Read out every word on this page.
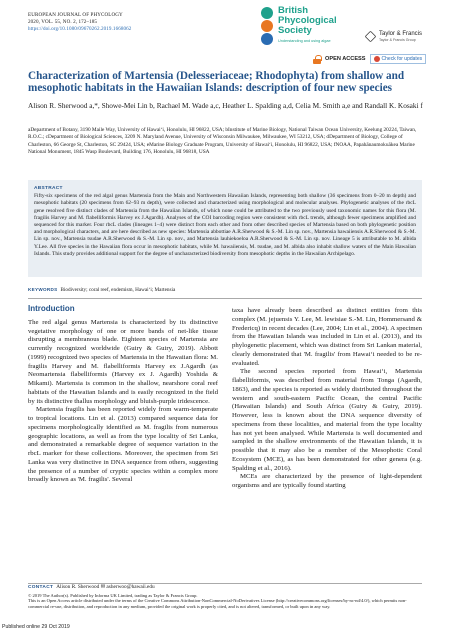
EUROPEAN JOURNAL OF PHYCOLOGY
2020, VOL. 55, NO. 2, 172–185
https://doi.org/10.1080/09670262.2019.1668062
British
Phycological
Society
Understanding and using algae
Taylor & Francis
Taylor & Francis Group
OPEN ACCESS	Check for updates
Characterization of Martensia (Delesseriaceae; Rhodophyta) from shallow and mesophotic habitats in the Hawaiian Islands: description of four new species
Alison R. Sherwood a,*, Showe-Mei Lin b, Rachael M. Wade a,c, Heather L. Spalding a,d, Celia M. Smith a,e and Randall K. Kosaki f
aDepartment of Botany, 3190 Maile Way, University of Hawaiʻi, Honolulu, HI 96822, USA; bInstitute of Marine Biology, National Taiwan Ocean University, Keelung 20224, Taiwan, R.O.C.; cDepartment of Biological Sciences, 3209 N. Maryland Avenue, University of Wisconsin Milwaukee, Milwaukee, WI 53212, USA; dDepartment of Biology, College of Charleston, 66 George St, Charleston, SC 29424, USA; eMarine Biology Graduate Program, University of Hawaiʻi, Honolulu, HI 96822, USA; fNOAA, Papahānaumokuākea Marine National Monument, 1845 Wasp Boulevard, Building 176, Honolulu, HI 96818, USA
ABSTRACT
Fifty-six specimens of the red algal genus Martensia from the Main and Northwestern Hawaiian Islands, representing both shallow (36 specimens from 0–20 m depth) and mesophotic habitats (20 specimens from 62–93 m depth), were collected and characterized using morphological and molecular analyses. Phylogenetic analyses of the rbcL gene resolved five distinct clades of Martensia from the Hawaiian Islands, of which none could be attributed to the two previously used taxonomic names for this flora (M. fragilis Harvey and M. flabelliformis Harvey ex J.Agardh). Analyses of the COI barcoding region were consistent with rbcL trends, although fewer specimens amplified and sequenced for this marker. Four rbcL clades (lineages 1–4) were distinct from each other and from other described species of Martensia based on both phylogenetic position and morphological characters, and are here described as new species: Martensia abbottiae A.R.Sherwood & S.-M. Lin sp. nov., Martensia hawaiiensis A.R.Sherwood & S.-M. Lin sp. nov., Martensia tsudae A.R.Sherwood & S.-M. Lin sp. nov., and Martensia lauhiekoeloa A.R.Sherwood & S.-M. Lin sp. nov. Lineage 5 is attributable to M. albida Y.Lee. All five species in the Hawaiian flora occur in mesophotic habitats, while M. hawaiiensis, M. tsudae, and M. albida also inhabit shallow waters of the Main Hawaiian Islands. This study provides additional support for the degree of uncharacterized biodiversity from mesophotic depths in the Hawaiian Archipelago.
KEYWORDS Biodiversity; coral reef, endemism, Hawaiʻi; Martensia
Introduction

The red algal genus Martensia is characterized by its distinctive vegetative morphology of one or more bands of net-like tissue disrupting a membranous blade. Eighteen species of Martensia are currently recognized worldwide (Guiry & Guiry, 2019). Abbott (1999) recognized two species of Martensia in the Hawaiian flora: M. fragilis Harvey and M. flabelliformis Harvey ex J.Agardh (as Neomartensia flabelliformis (Harvey ex J. Agardh) Yoshida & Mikami). Martensia is common in the shallow, nearshore coral reef habitats of the Hawaiian Islands and is easily recognized in the field by its distinctive thallus morphology and bluish-purple iridescence.

Martensia fragilis has been reported widely from warm-temperate to tropical locations. Lin et al. (2013) compared sequence data for specimens morphologically identified as M. fragilis from numerous geographic locations, as well as from the type locality of Sri Lanka, and demonstrated a remarkable degree of sequence variation in the rbcL marker for these collections. Moreover, the specimen from Sri Lanka was very distinctive in DNA sequence from others, suggesting the presence of a number of cryptic species within a complex more broadly known as 'M. fragilis'. Several

taxa have already been described as distinct entities from this complex (M. jejuensis Y. Lee, M. lewisiae S.-M. Lin, Hommersand & Fredericq) in recent decades (Lee, 2004; Lin et al., 2004). A specimen from the Hawaiian Islands was included in Lin et al. (2013), and its phylogenetic placement, which was distinct from Sri Lankan material, clearly demonstrated that 'M. fragilis' from Hawaiʻi needed to be re-evaluated.

The second species reported from Hawaiʻi, Martensia flabelliformis, was described from material from Tonga (Agardh, 1863), and the species is reported as widely distributed throughout the western and south-eastern Pacific Ocean, the central Pacific (Hawaiian Islands) and South Africa (Guiry & Guiry, 2019). However, less is known about the DNA sequence diversity of specimens from these localities, and material from the type locality has not yet been analysed. While Martensia is well documented and sampled in the shallow environments of the Hawaiian Islands, it is possible that it may also be a member of the Mesophotic Coral Ecosystem (MCE), as has been demonstrated for other genera (e.g. Spalding et al., 2016).

MCEs are characterized by the presence of light-dependent organisms and are typically found starting

CONTACT Alison R. Sherwood ✉ asherwoo@hawaii.edu
© 2019 The Author(s). Published by Informa UK Limited, trading as Taylor & Francis Group.
This is an Open Access article distributed under the terms of the Creative Commons Attribution-NonCommercial-NoDerivatives License (http://creativecommons.org/licenses/by-nc-nd/4.0/), which permits non-commercial re-use, distribution, and reproduction in any medium, provided the original work is properly cited, and is not altered, transformed, or built upon in any way.
Published online 29 Oct 2019
